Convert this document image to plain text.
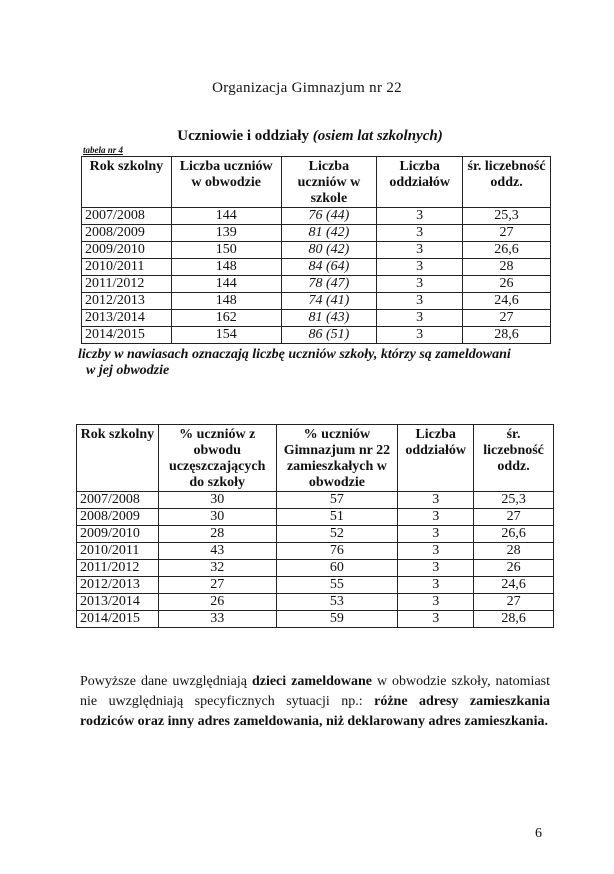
Organizacja Gimnazjum nr 22
Uczniowie i oddziały (osiem lat szkolnych)
tabela nr 4
Rok szkolny	Liczba uczniów w obwodzie	Liczba uczniów w szkole	Liczba oddziałów	śr. liczebność oddz.
2007/2008	144	76 (44)	3	25,3
2008/2009	139	81 (42)	3	27
2009/2010	150	80 (42)	3	26,6
2010/2011	148	84 (64)	3	28
2011/2012	144	78 (47)	3	26
2012/2013	148	74 (41)	3	24,6
2013/2014	162	81 (43)	3	27
2014/2015	154	86 (51)	3	28,6
liczby w nawiasach oznaczają liczbę uczniów szkoły, którzy są zameldowani
w jej obwodzie
Rok szkolny	% uczniów z obwodu uczęszczających do szkoły	% uczniów Gimnazjum nr 22 zamieszkałych w obwodzie	Liczba oddziałów	śr. liczebność oddz.
2007/2008	30	57	3	25,3
2008/2009	30	51	3	27
2009/2010	28	52	3	26,6
2010/2011	43	76	3	28
2011/2012	32	60	3	26
2012/2013	27	55	3	24,6
2013/2014	26	53	3	27
2014/2015	33	59	3	28,6
Powyższe dane uwzględniają dzieci zameldowane w obwodzie szkoły, natomiast nie uwzględniają specyficznych sytuacji np.: różne adresy zamieszkania rodziców oraz inny adres zameldowania, niż deklarowany adres zamieszkania.
6
